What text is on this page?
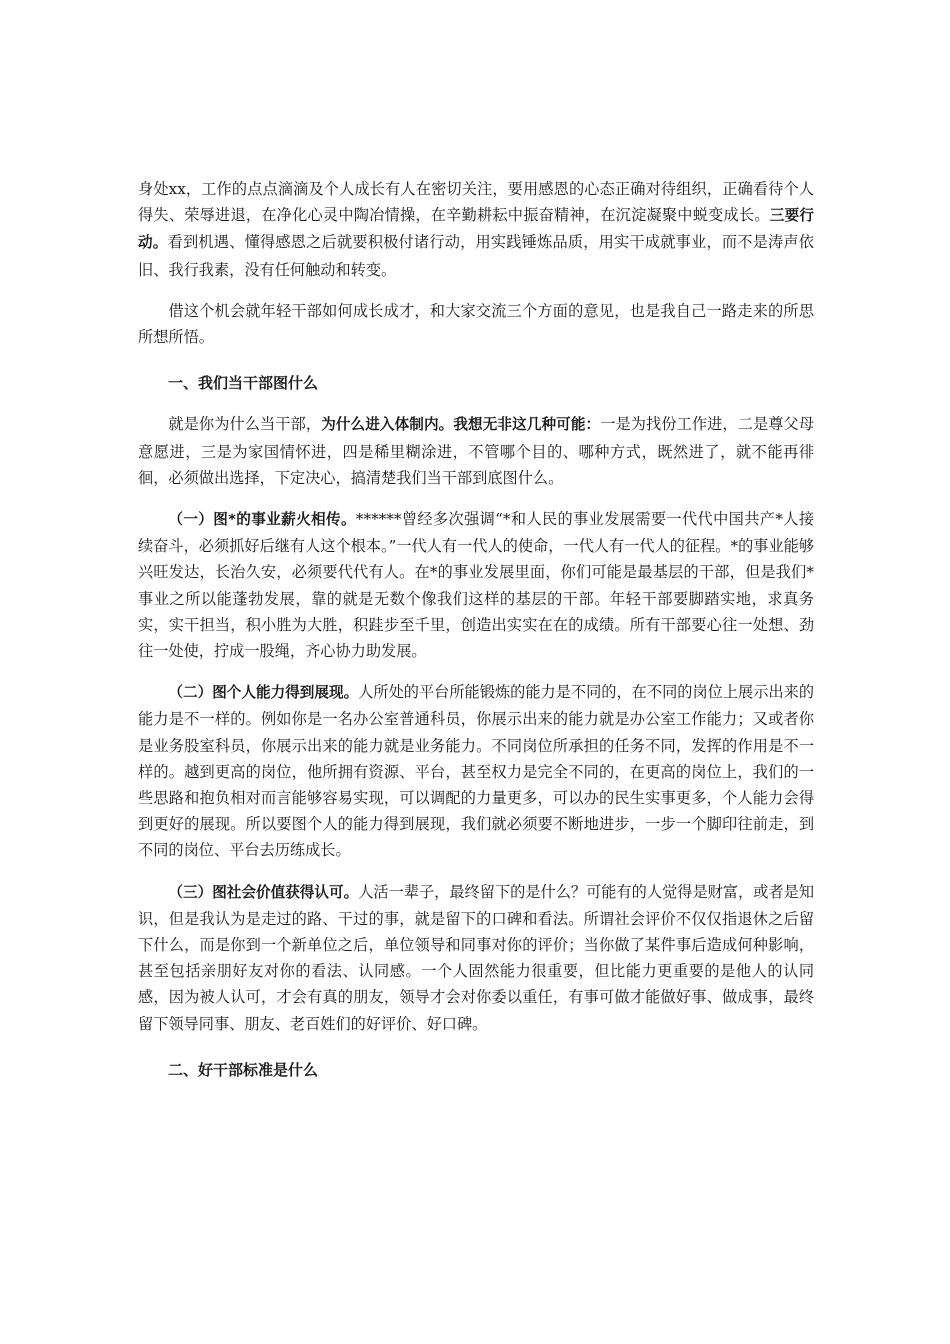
身处xx，工作的点点滴滴及个人成长有人在密切关注，要用感恩的心态正确对待组织，正确看待个人得失、荣辱进退，在净化心灵中陶冶情操，在辛勤耕耘中振奋精神，在沉淀凝聚中蜕变成长。三要行动。看到机遇、懂得感恩之后就要积极付诸行动，用实践锤炼品质，用实干成就事业，而不是涛声依旧、我行我素，没有任何触动和转变。

借这个机会就年轻干部如何成长成才，和大家交流三个方面的意见，也是我自己一路走来的所思所想所悟。

一、我们当干部图什么

就是你为什么当干部，为什么进入体制内。我想无非这几种可能：一是为找份工作进，二是尊父母意愿进，三是为家国情怀进，四是稀里糊涂进，不管哪个目的、哪种方式，既然进了，就不能再徘徊，必须做出选择，下定决心，搞清楚我们当干部到底图什么。

（一）图*的事业薪火相传。******曾经多次强调“*和人民的事业发展需要一代代中国共产*人接续奋斗，必须抓好后继有人这个根本。”一代人有一代人的使命，一代人有一代人的征程。*的事业能够兴旺发达，长治久安，必须要代代有人。在*的事业发展里面，你们可能是最基层的干部，但是我们*事业之所以能蓬勃发展，靠的就是无数个像我们这样的基层的干部。年轻干部要脚踏实地，求真务实，实干担当，积小胜为大胜，积跬步至千里，创造出实实在在的成绩。所有干部要心往一处想、劲往一处使，拧成一股绳，齐心协力助发展。

（二）图个人能力得到展现。人所处的平台所能锻炼的能力是不同的，在不同的岗位上展示出来的能力是不一样的。例如你是一名办公室普通科员，你展示出来的能力就是办公室工作能力；又或者你是业务股室科员，你展示出来的能力就是业务能力。不同岗位所承担的任务不同，发挥的作用是不一样的。越到更高的岗位，他所拥有资源、平台，甚至权力是完全不同的，在更高的岗位上，我们的一些思路和抱负相对而言能够容易实现，可以调配的力量更多，可以办的民生实事更多，个人能力会得到更好的展现。所以要图个人的能力得到展现，我们就必须要不断地进步，一步一个脚印往前走，到不同的岗位、平台去历练成长。

（三）图社会价值获得认可。人活一辈子，最终留下的是什么？可能有的人觉得是财富，或者是知识，但是我认为是走过的路、干过的事，就是留下的口碑和看法。所谓社会评价不仅仅指退休之后留下什么，而是你到一个新单位之后，单位领导和同事对你的评价；当你做了某件事后造成何种影响，甚至包括亲朋好友对你的看法、认同感。一个人固然能力很重要，但比能力更重要的是他人的认同感，因为被人认可，才会有真的朋友，领导才会对你委以重任，有事可做才能做好事、做成事，最终留下领导同事、朋友、老百姓们的好评价、好口碑。

二、好干部标准是什么
